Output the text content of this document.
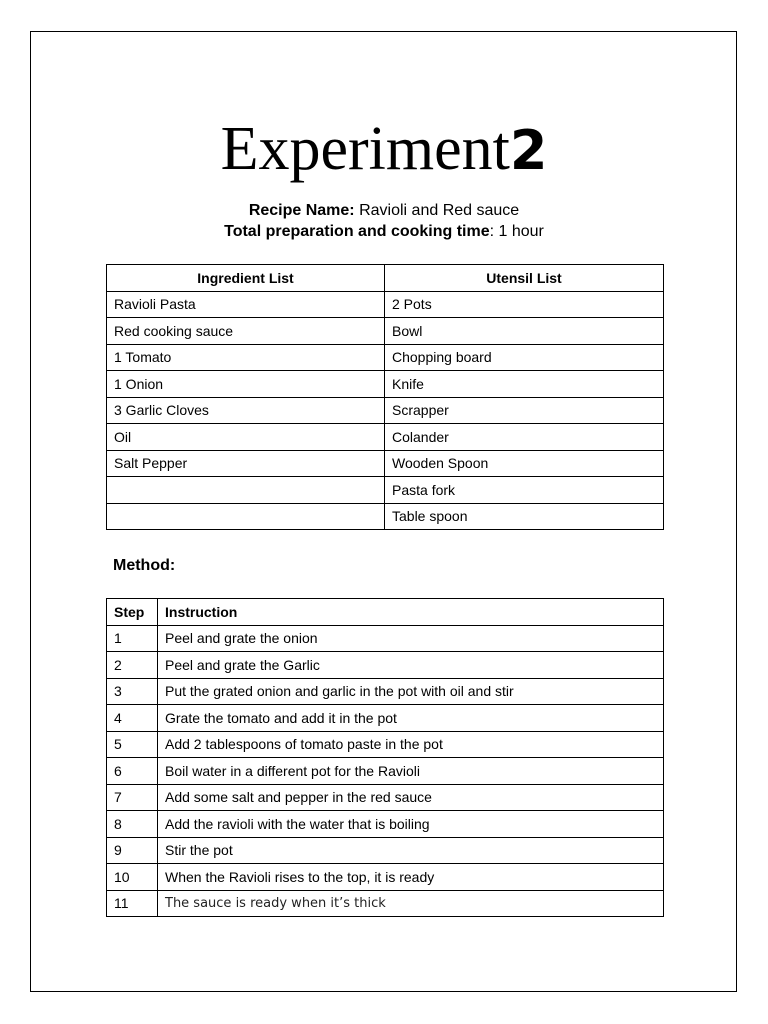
Experiment2
Recipe Name: Ravioli and Red sauce
Total preparation and cooking time: 1 hour
Ingredient List	Utensil List
Ravioli Pasta	2 Pots
Red cooking sauce	Bowl
1 Tomato	Chopping board
1 Onion	Knife
3 Garlic Cloves	Scrapper
Oil	Colander
Salt Pepper	Wooden Spoon
	Pasta fork
	Table spoon
Method:
Step	Instruction
1	Peel and grate the onion
2	Peel and grate the Garlic
3	Put the grated onion and garlic in the pot with oil and stir
4	Grate the tomato and add it in the pot
5	Add 2 tablespoons of tomato paste in the pot
6	Boil water in a different pot for the Ravioli
7	Add some salt and pepper in the red sauce
8	Add the ravioli with the water that is boiling
9	Stir the pot
10	When the Ravioli rises to the top, it is ready
11	The sauce is ready when it’s thick
